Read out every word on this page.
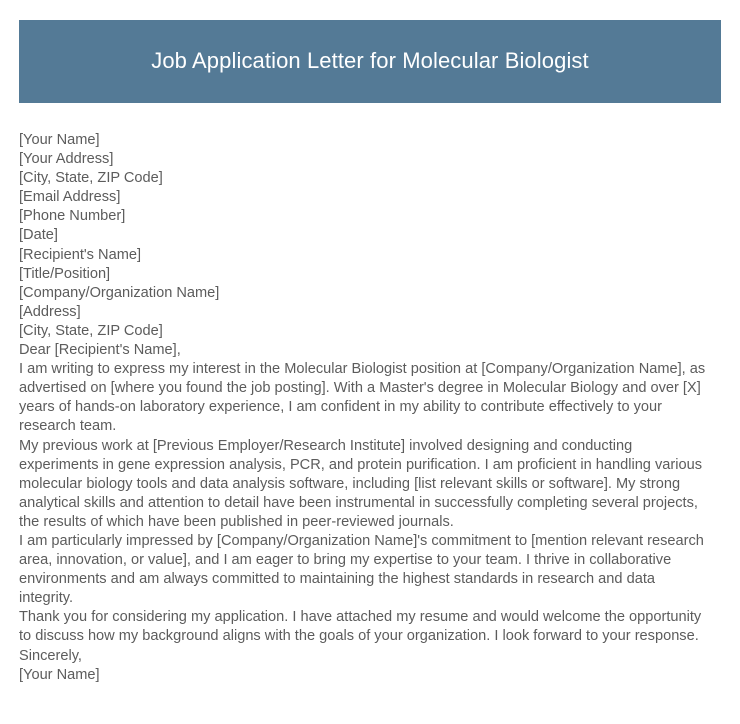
Job Application Letter for Molecular Biologist

[Your Name]

[Your Address]

[City, State, ZIP Code]

[Email Address]

[Phone Number]

[Date]

[Recipient's Name]

[Title/Position]

[Company/Organization Name]

[Address]

[City, State, ZIP Code]

Dear [Recipient's Name],

I am writing to express my interest in the Molecular Biologist position at [Company/Organization Name], as advertised on [where you found the job posting]. With a Master's degree in Molecular Biology and over [X] years of hands-on laboratory experience, I am confident in my ability to contribute effectively to your research team.

My previous work at [Previous Employer/Research Institute] involved designing and conducting experiments in gene expression analysis, PCR, and protein purification. I am proficient in handling various molecular biology tools and data analysis software, including [list relevant skills or software]. My strong analytical skills and attention to detail have been instrumental in successfully completing several projects, the results of which have been published in peer-reviewed journals.

I am particularly impressed by [Company/Organization Name]'s commitment to [mention relevant research area, innovation, or value], and I am eager to bring my expertise to your team. I thrive in collaborative environments and am always committed to maintaining the highest standards in research and data integrity.

Thank you for considering my application. I have attached my resume and would welcome the opportunity to discuss how my background aligns with the goals of your organization. I look forward to your response.

Sincerely,

[Your Name]
